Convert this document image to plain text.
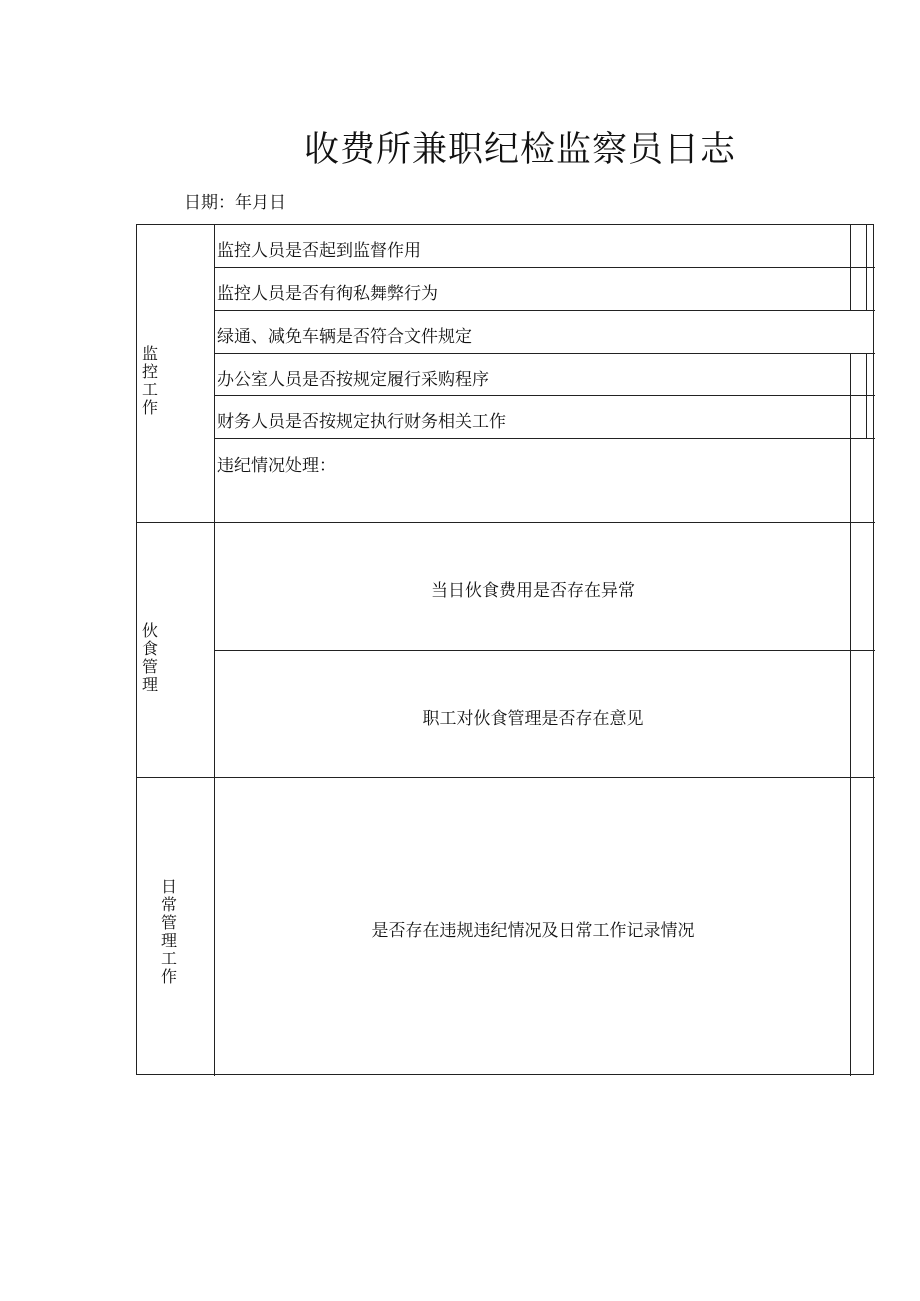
收费所兼职纪检监察员日志
日期：年月日
监控工作
监控人员是否起到监督作用
监控人员是否有徇私舞弊行为
绿通、减免车辆是否符合文件规定
办公室人员是否按规定履行采购程序
财务人员是否按规定执行财务相关工作
违纪情况处理：
伙食管理
当日伙食费用是否存在异常
职工对伙食管理是否存在意见
日常管理工作
是否存在违规违纪情况及日常工作记录情况
